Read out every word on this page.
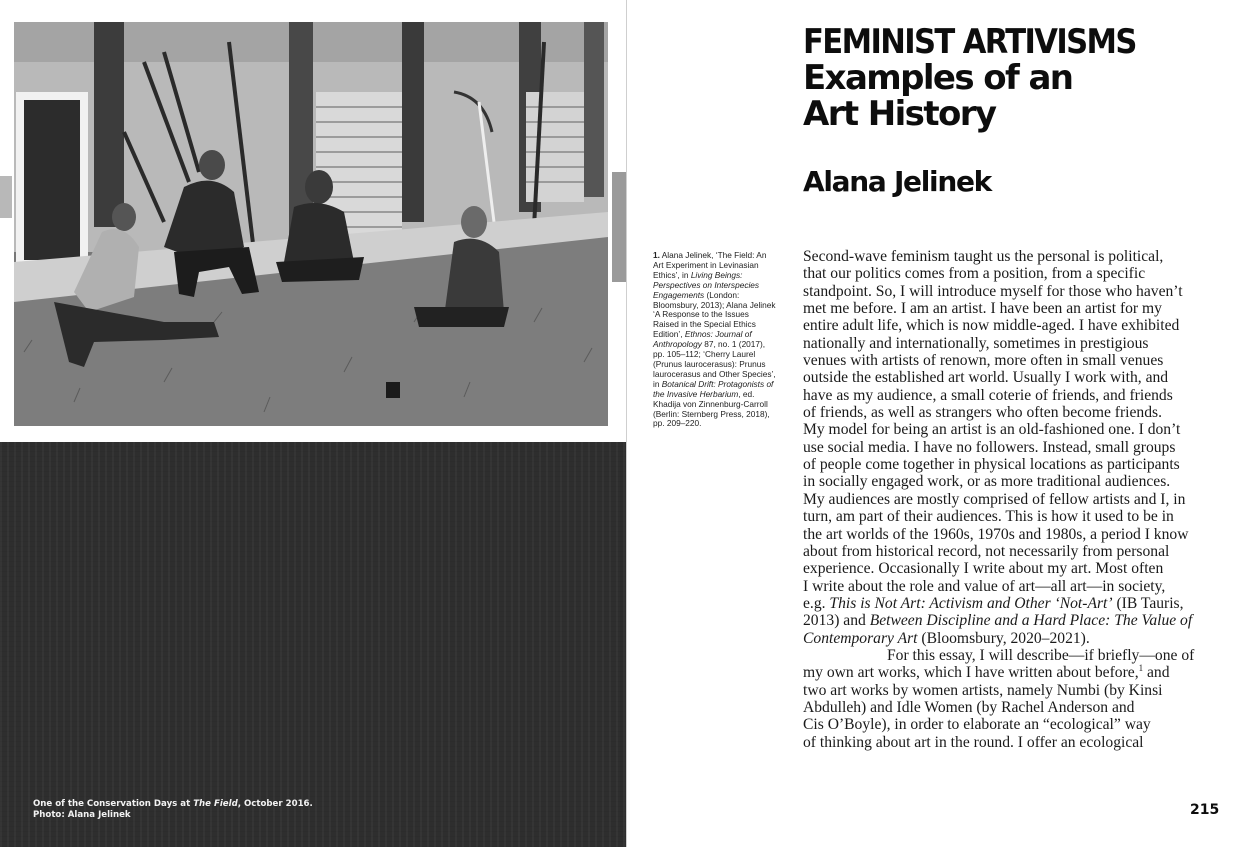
One of the Conservation Days at The Field, October 2016.
Photo: Alana Jelinek
FEMINIST ARTIVISMS
Examples of an
Art History
Alana Jelinek
1. Alana Jelinek, ‘The Field: An Art Experiment in Levinasian Ethics’, in Living Beings: Perspectives on Interspecies Engagements (London: Bloomsbury, 2013); Alana Jelinek ‘A Response to the Issues Raised in the Special Ethics Edition’, Ethnos: Journal of Anthropology 87, no. 1 (2017), pp. 105–112; ‘Cherry Laurel (Prunus laurocerasus): Prunus laurocerasus and Other Species’, in Botanical Drift: Protagonists of the Invasive Herbarium, ed. Khadija von Zinnenburg-Carroll (Berlin: Sternberg Press, 2018), pp. 209–220.

Second-wave feminism taught us the personal is political,
that our politics comes from a position, from a specific
standpoint. So, I will introduce myself for those who haven’t
met me before. I am an artist. I have been an artist for my
entire adult life, which is now middle-aged. I have exhibited
nationally and internationally, sometimes in prestigious
venues with artists of renown, more often in small venues
outside the established art world. Usually I work with, and
have as my audience, a small coterie of friends, and friends
of friends, as well as strangers who often become friends.
My model for being an artist is an old-fashioned one. I don’t
use social media. I have no followers. Instead, small groups
of people come together in physical locations as participants
in socially engaged work, or as more traditional audiences.
My audiences are mostly comprised of fellow artists and I, in
turn, am part of their audiences. This is how it used to be in
the art worlds of the 1960s, 1970s and 1980s, a period I know
about from historical record, not necessarily from personal
experience. Occasionally I write about my art. Most often
I write about the role and value of art—all art—in society,

e.g. This is Not Art: Activism and Other ‘Not-Art’ (IB Tauris,
2013) and Between Discipline and a Hard Place: The Value of
Contemporary Art (Bloomsbury, 2020–2021).

For this essay, I will describe—if briefly—one of
my own art works, which I have written about before,$^1$ and
two art works by women artists, namely Numbi (by Kinsi
Abdulleh) and Idle Women (by Rachel Anderson and
Cis O’Boyle), in order to elaborate an “ecological” way
of thinking about art in the round. I offer an ecological

215
